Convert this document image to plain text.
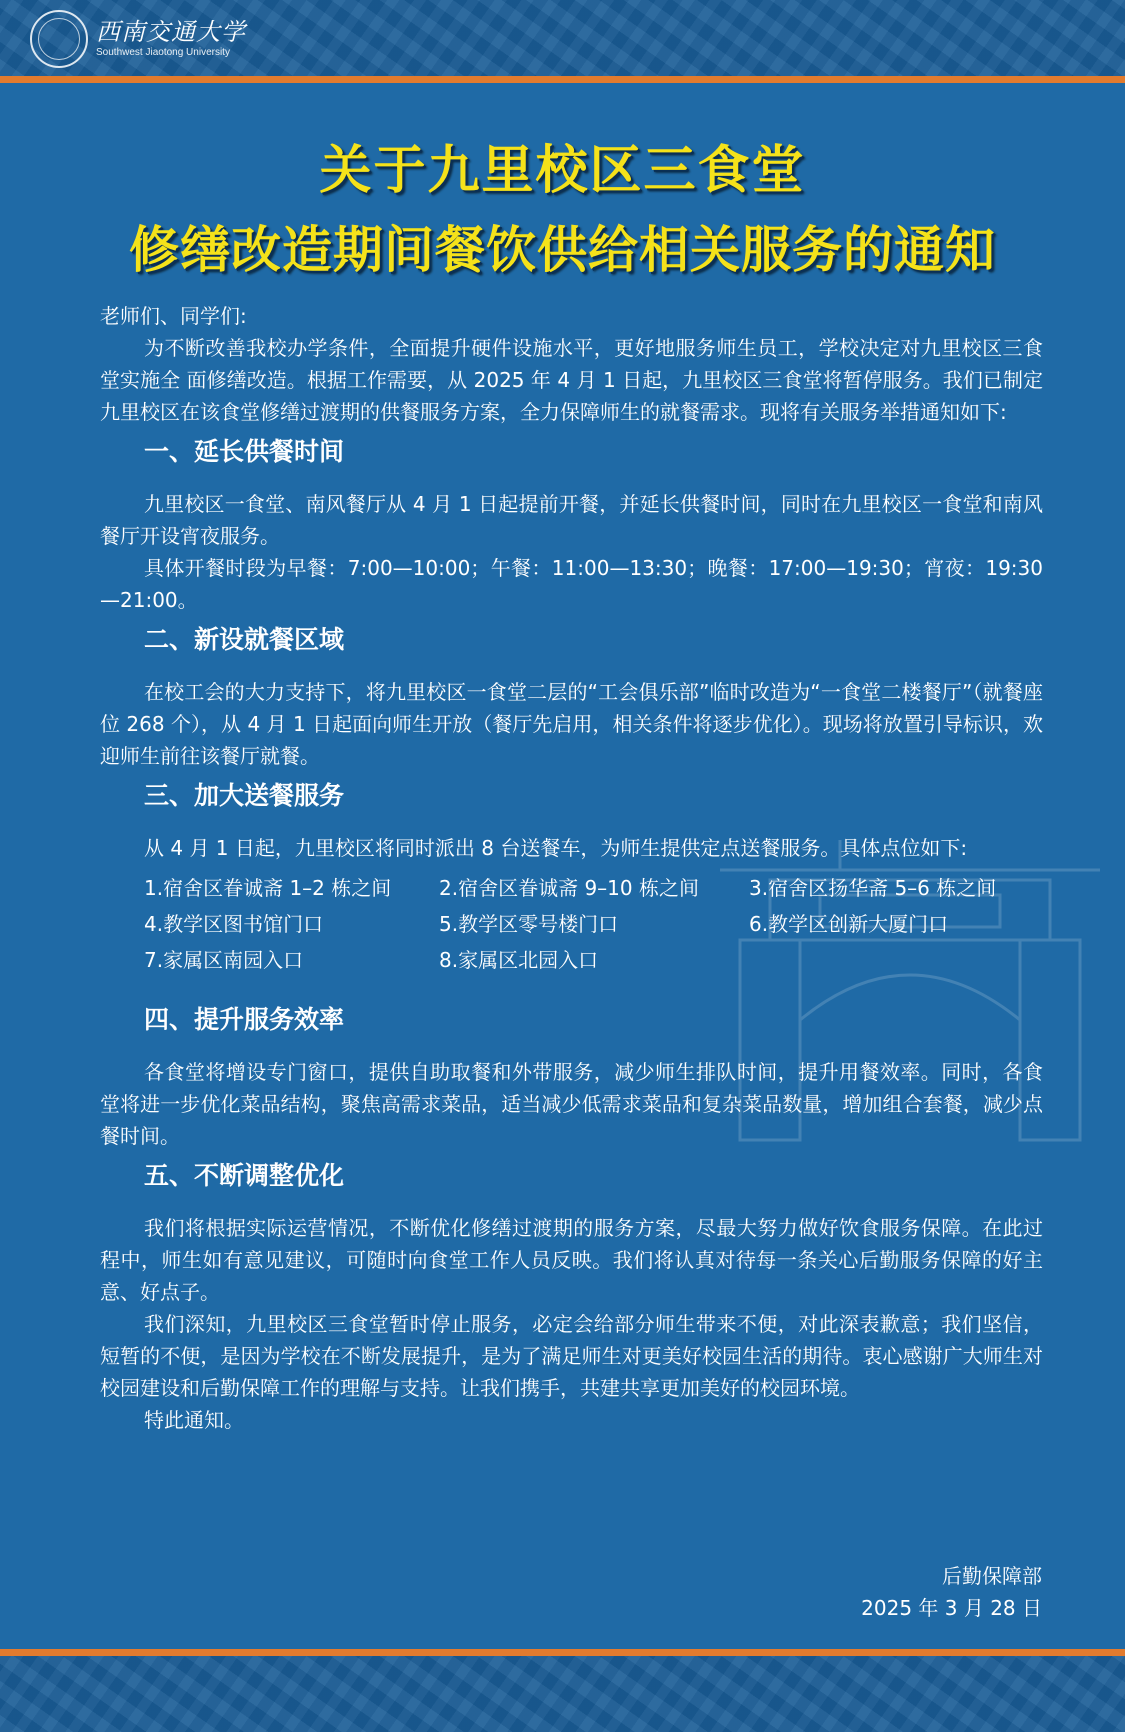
西南交通大学
Southwest Jiaotong University
关于九里校区三食堂
修缮改造期间餐饮供给相关服务的通知

老师们、同学们:

为不断改善我校办学条件，全面提升硬件设施水平，更好地服务师生员工，学校决定对九里校区三食堂实施全 面修缮改造。根据工作需要，从 2025 年 4 月 1 日起，九里校区三食堂将暂停服务。我们已制定九里校区在该食堂修缮过渡期的供餐服务方案，全力保障师生的就餐需求。现将有关服务举措通知如下:

一、延长供餐时间

九里校区一食堂、南风餐厅从 4 月 1 日起提前开餐，并延长供餐时间，同时在九里校区一食堂和南风餐厅开设宵夜服务。

具体开餐时段为早餐：7:00—10:00；午餐：11:00—13:30；晚餐：17:00—19:30；宵夜：19:30—21:00。

二、新设就餐区域

在校工会的大力支持下，将九里校区一食堂二层的“工会俱乐部”临时改造为“一食堂二楼餐厅”（就餐座位 268 个），从 4 月 1 日起面向师生开放（餐厅先启用，相关条件将逐步优化）。现场将放置引导标识，欢迎师生前往该餐厅就餐。

三、加大送餐服务

从 4 月 1 日起，九里校区将同时派出 8 台送餐车，为师生提供定点送餐服务。具体点位如下:

1.宿舍区眷诚斋 1–2 栋之间	2.宿舍区眷诚斋 9–10 栋之间	3.宿舍区扬华斋 5–6 栋之间
4.教学区图书馆门口	5.教学区零号楼门口	6.教学区创新大厦门口
7.家属区南园入口	8.家属区北园入口
四、提升服务效率

各食堂将增设专门窗口，提供自助取餐和外带服务，减少师生排队时间，提升用餐效率。同时，各食堂将进一步优化菜品结构，聚焦高需求菜品，适当减少低需求菜品和复杂菜品数量，增加组合套餐，减少点餐时间。

五、不断调整优化

我们将根据实际运营情况，不断优化修缮过渡期的服务方案，尽最大努力做好饮食服务保障。在此过程中，师生如有意见建议，可随时向食堂工作人员反映。我们将认真对待每一条关心后勤服务保障的好主意、好点子。

我们深知，九里校区三食堂暂时停止服务，必定会给部分师生带来不便，对此深表歉意；我们坚信，短暂的不便，是因为学校在不断发展提升，是为了满足师生对更美好校园生活的期待。衷心感谢广大师生对校园建设和后勤保障工作的理解与支持。让我们携手，共建共享更加美好的校园环境。

特此通知。

后勤保障部
2025 年 3 月 28 日
